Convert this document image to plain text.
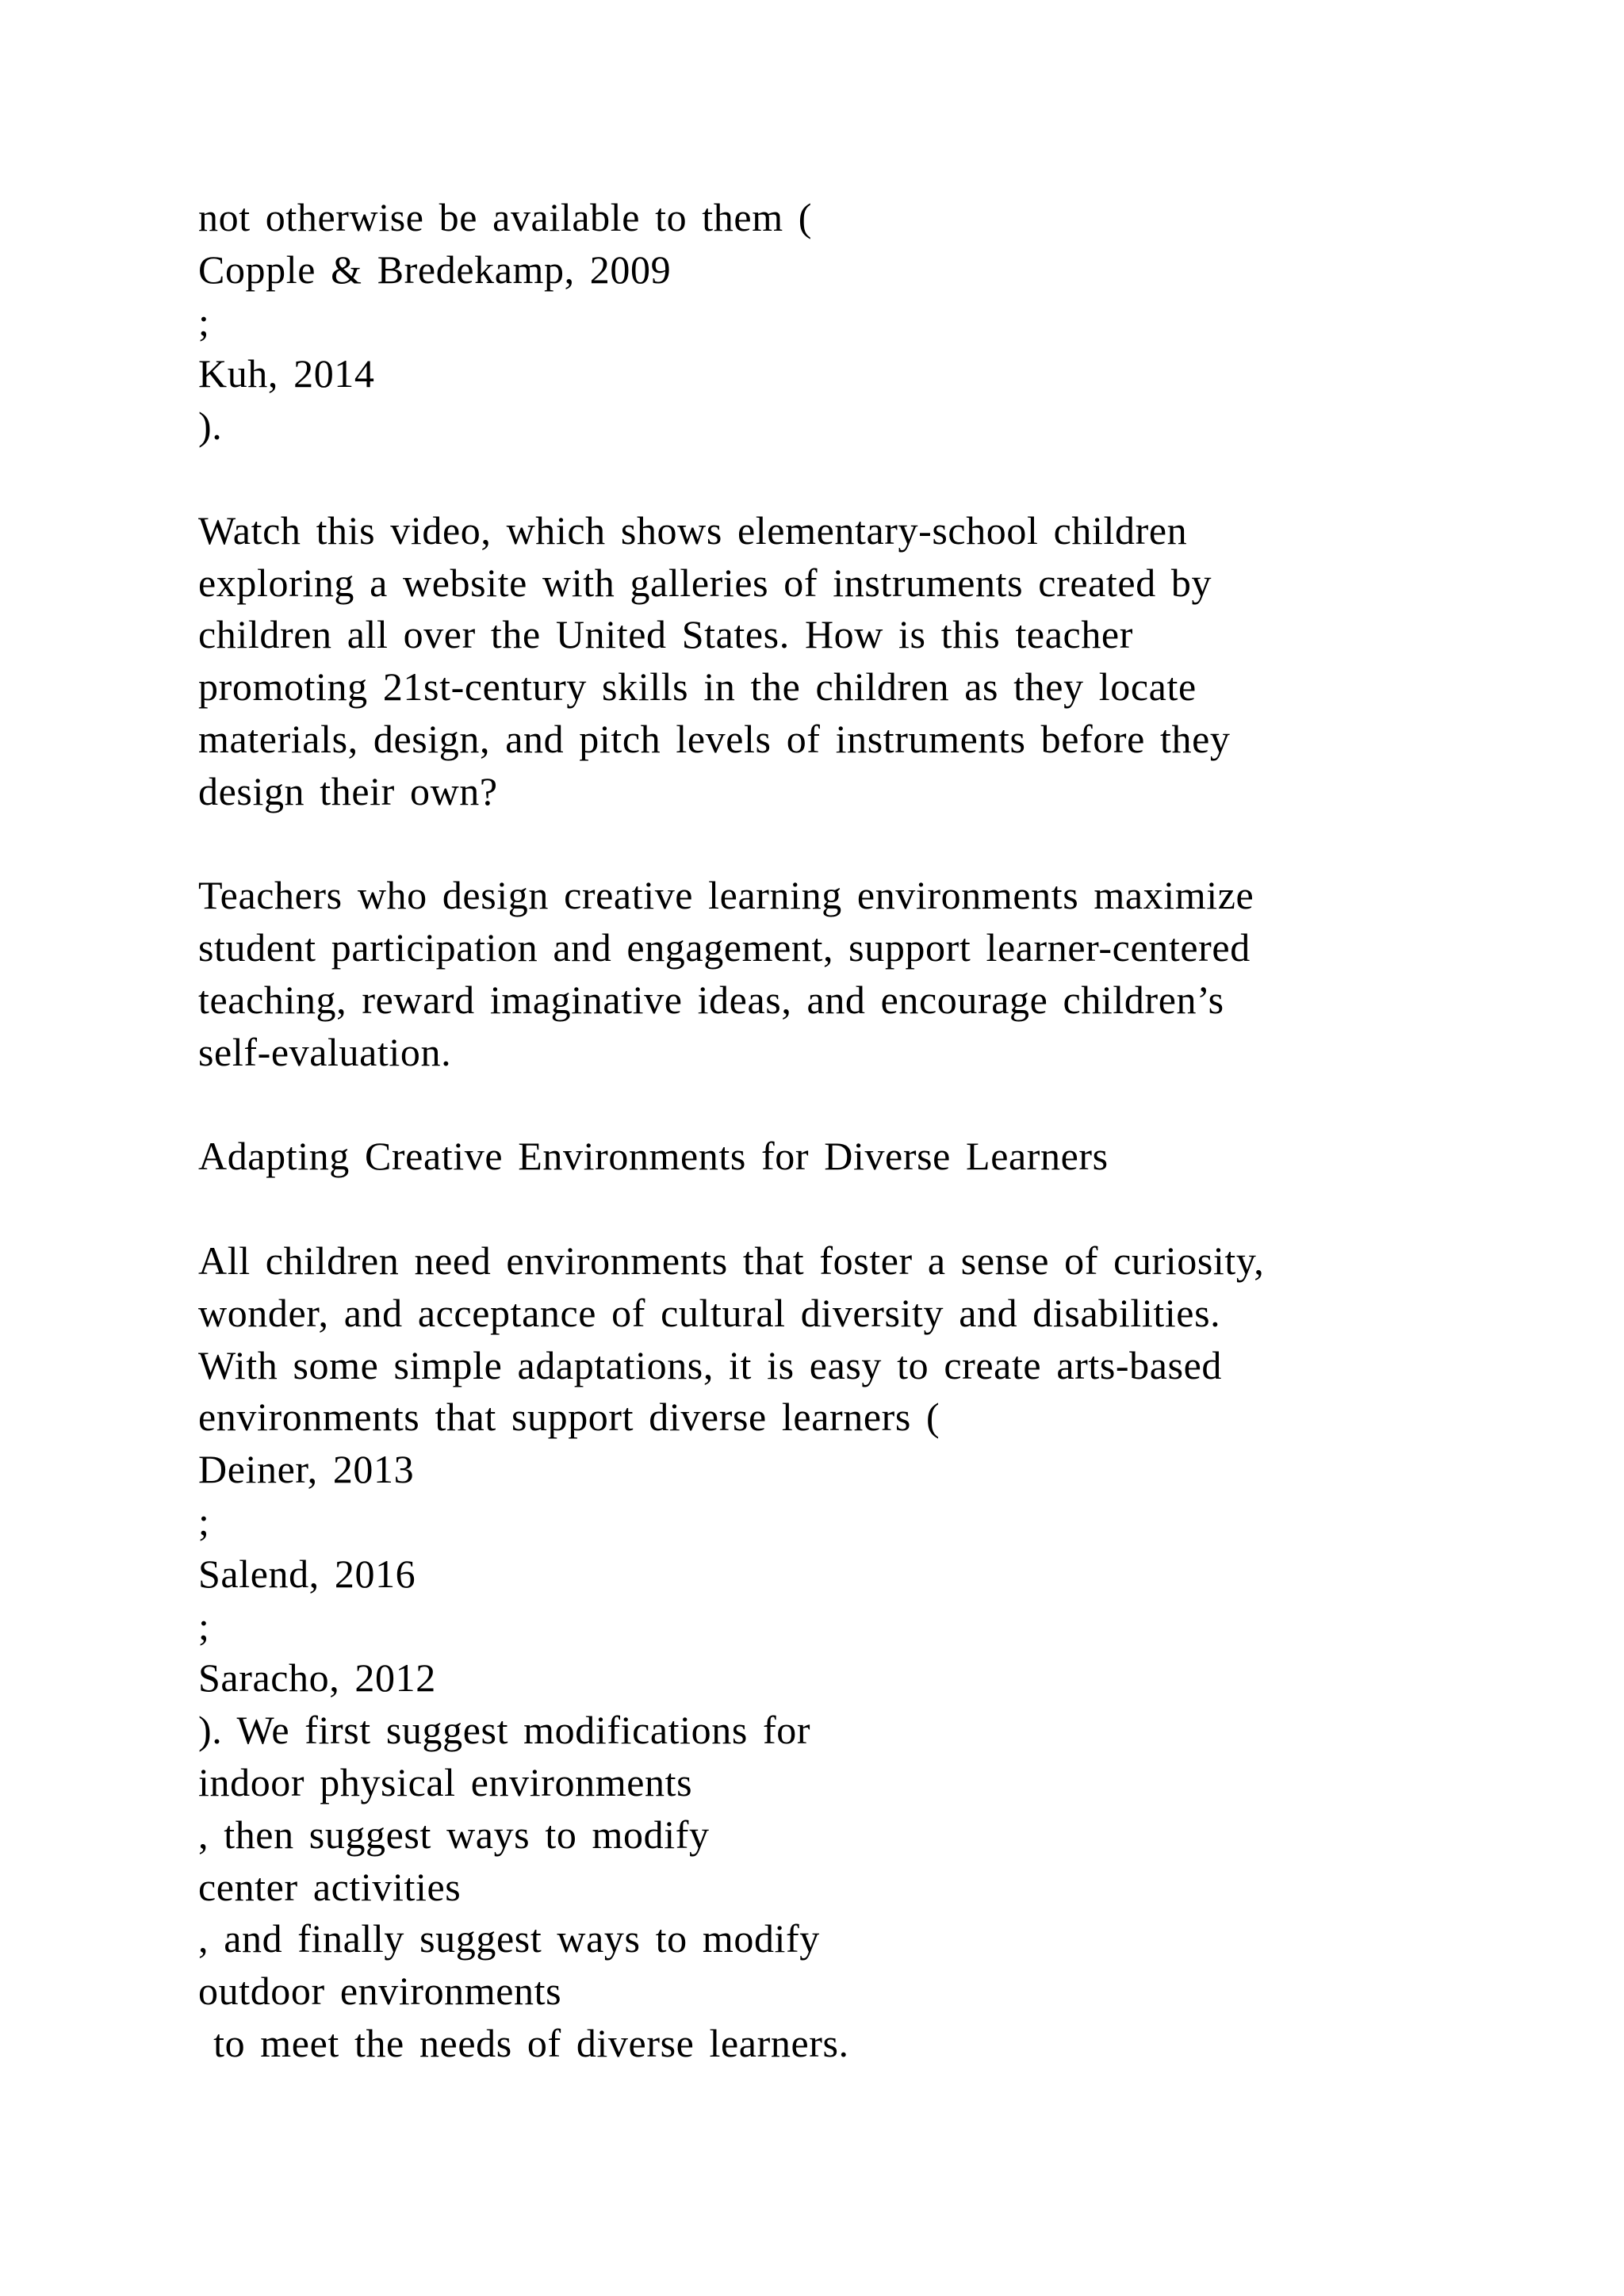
not otherwise be available to them (
Copple & Bredekamp, 2009
;
Kuh, 2014
).
Watch this video, which shows elementary-school children
exploring a website with galleries of instruments created by
children all over the United States. How is this teacher
promoting 21st-century skills in the children as they locate
materials, design, and pitch levels of instruments before they
design their own?
Teachers who design creative learning environments maximize
student participation and engagement, support learner-centered
teaching, reward imaginative ideas, and encourage children’s
self-evaluation.
Adapting Creative Environments for Diverse Learners
All children need environments that foster a sense of curiosity,
wonder, and acceptance of cultural diversity and disabilities.
With some simple adaptations, it is easy to create arts-based
environments that support diverse learners (
Deiner, 2013
;
Salend, 2016
;
Saracho, 2012
). We first suggest modifications for
indoor physical environments
, then suggest ways to modify
center activities
, and finally suggest ways to modify
outdoor environments
to meet the needs of diverse learners.
